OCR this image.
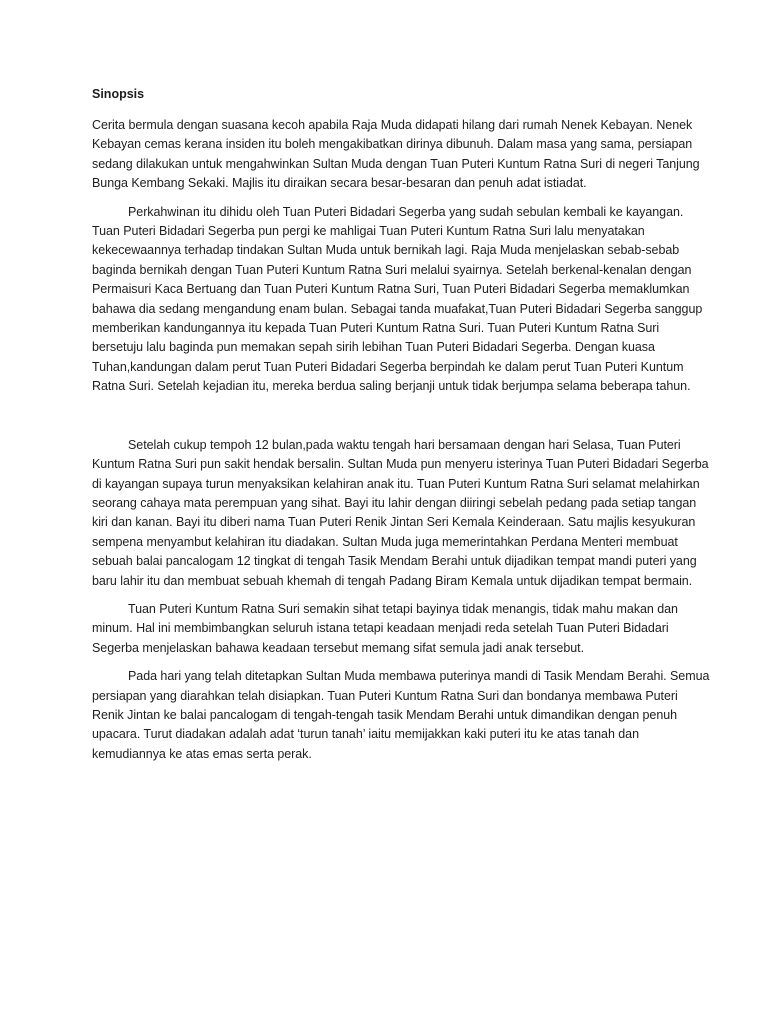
Sinopsis

Cerita bermula dengan suasana kecoh apabila Raja Muda didapati hilang dari rumah Nenek Kebayan. Nenek Kebayan cemas kerana insiden itu boleh mengakibatkan dirinya dibunuh. Dalam masa yang sama, persiapan sedang dilakukan untuk mengahwinkan Sultan Muda dengan Tuan Puteri Kuntum Ratna Suri di negeri Tanjung Bunga Kembang Sekaki. Majlis itu diraikan secara besar-besaran dan penuh adat istiadat.

Perkahwinan itu dihidu oleh Tuan Puteri Bidadari Segerba yang sudah sebulan kembali ke kayangan. Tuan Puteri Bidadari Segerba pun pergi ke mahligai Tuan Puteri Kuntum Ratna Suri lalu menyatakan kekecewaannya terhadap tindakan Sultan Muda untuk bernikah lagi. Raja Muda menjelaskan sebab-sebab baginda bernikah dengan Tuan Puteri Kuntum Ratna Suri melalui syairnya. Setelah berkenal-kenalan dengan Permaisuri Kaca Bertuang dan Tuan Puteri Kuntum Ratna Suri, Tuan Puteri Bidadari Segerba memaklumkan bahawa dia sedang mengandung enam bulan. Sebagai tanda muafakat,Tuan Puteri Bidadari Segerba sanggup memberikan kandungannya itu kepada Tuan Puteri Kuntum Ratna Suri. Tuan Puteri Kuntum Ratna Suri bersetuju lalu baginda pun memakan sepah sirih lebihan Tuan Puteri Bidadari Segerba. Dengan kuasa Tuhan,kandungan dalam perut Tuan Puteri Bidadari Segerba berpindah ke dalam perut Tuan Puteri Kuntum Ratna Suri. Setelah kejadian itu, mereka berdua saling berjanji untuk tidak berjumpa selama beberapa tahun.

Setelah cukup tempoh 12 bulan,pada waktu tengah hari bersamaan dengan hari Selasa, Tuan Puteri Kuntum Ratna Suri pun sakit hendak bersalin. Sultan Muda pun menyeru isterinya Tuan Puteri Bidadari Segerba di kayangan supaya turun menyaksikan kelahiran anak itu. Tuan Puteri Kuntum Ratna Suri selamat melahirkan seorang cahaya mata perempuan yang sihat. Bayi itu lahir dengan diiringi sebelah pedang pada setiap tangan kiri dan kanan. Bayi itu diberi nama Tuan Puteri Renik Jintan Seri Kemala Keinderaan. Satu majlis kesyukuran sempena menyambut kelahiran itu diadakan. Sultan Muda juga memerintahkan Perdana Menteri membuat sebuah balai pancalogam 12 tingkat di tengah Tasik Mendam Berahi untuk dijadikan tempat mandi puteri yang baru lahir itu dan membuat sebuah khemah di tengah Padang Biram Kemala untuk dijadikan tempat bermain.

Tuan Puteri Kuntum Ratna Suri semakin sihat tetapi bayinya tidak menangis, tidak mahu makan dan minum. Hal ini membimbangkan seluruh istana tetapi keadaan menjadi reda setelah Tuan Puteri Bidadari Segerba menjelaskan bahawa keadaan tersebut memang sifat semula jadi anak tersebut.

Pada hari yang telah ditetapkan Sultan Muda membawa puterinya mandi di Tasik Mendam Berahi. Semua persiapan yang diarahkan telah disiapkan. Tuan Puteri Kuntum Ratna Suri dan bondanya membawa Puteri Renik Jintan ke balai pancalogam di tengah-tengah tasik Mendam Berahi untuk dimandikan dengan penuh upacara. Turut diadakan adalah adat ‘turun tanah’ iaitu memijakkan kaki puteri itu ke atas tanah dan kemudiannya ke atas emas serta perak.
